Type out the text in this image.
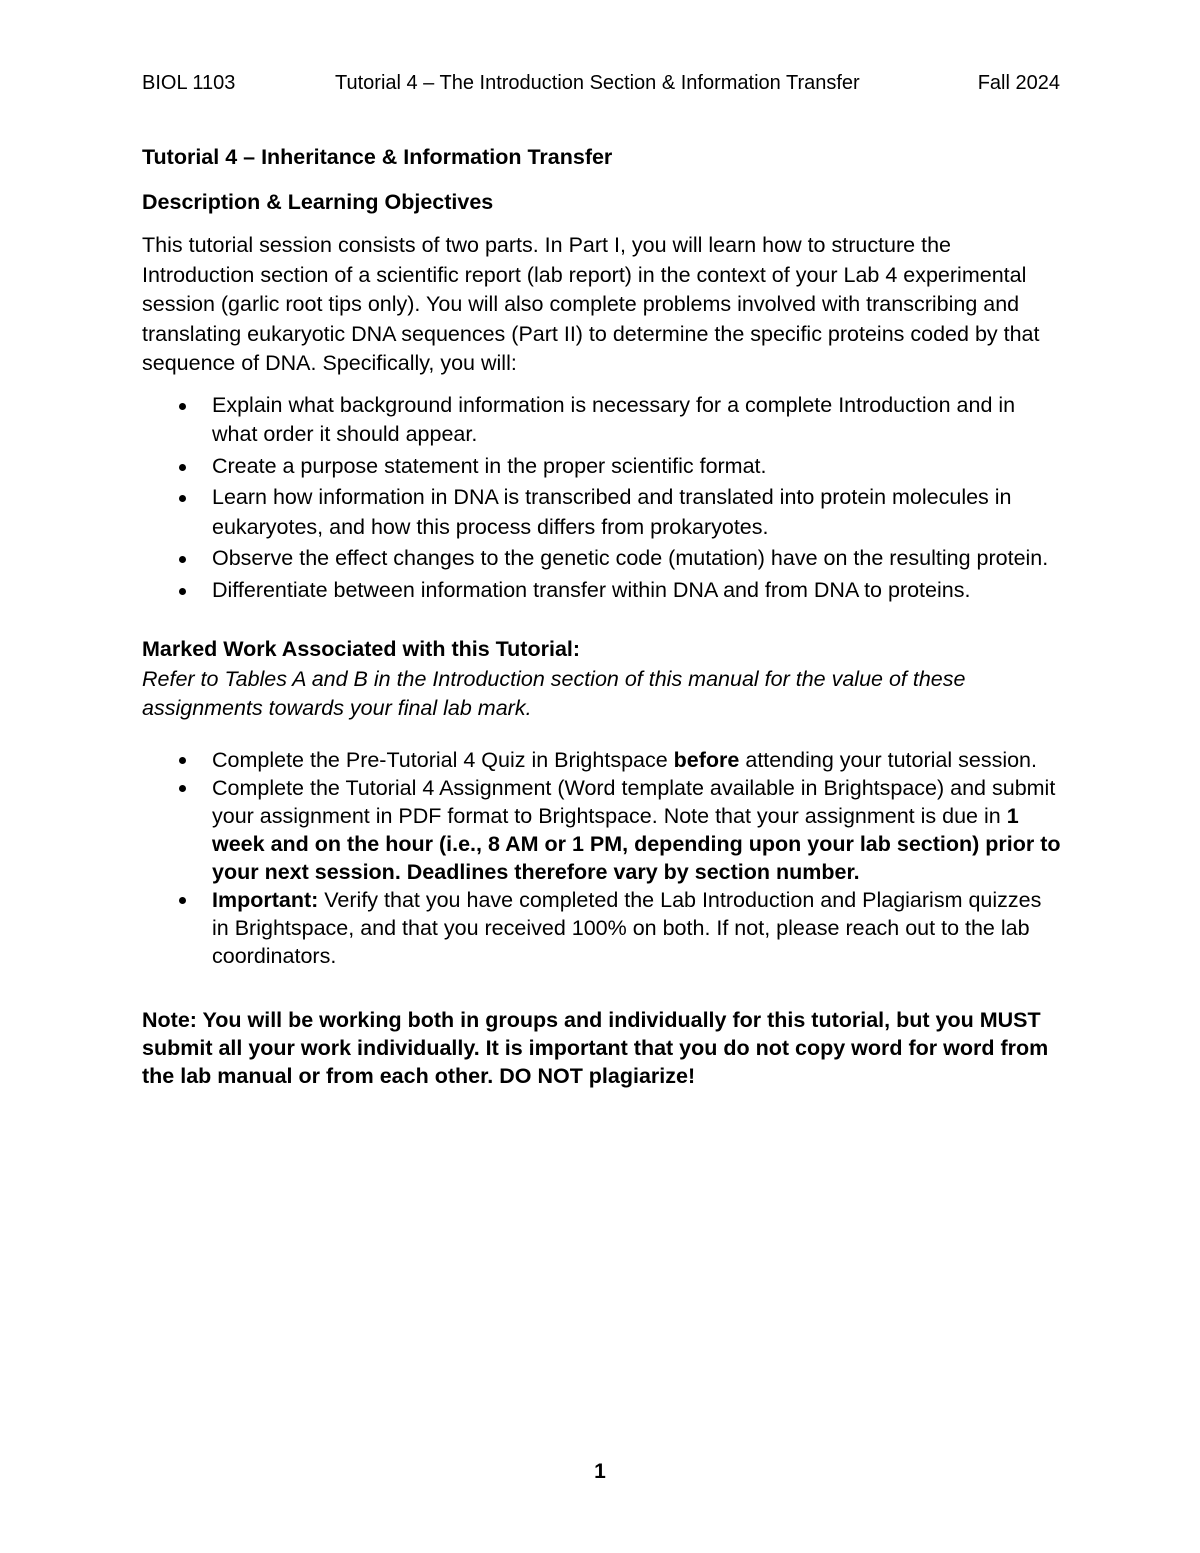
BIOL 1103	Tutorial 4 – The Introduction Section & Information Transfer	Fall 2024
Tutorial 4 – Inheritance & Information Transfer
Description & Learning Objectives

This tutorial session consists of two parts. In Part I, you will learn how to structure the Introduction section of a scientific report (lab report) in the context of your Lab 4 experimental session (garlic root tips only). You will also complete problems involved with transcribing and translating eukaryotic DNA sequences (Part II) to determine the specific proteins coded by that sequence of DNA. Specifically, you will:

Explain what background information is necessary for a complete Introduction and in what order it should appear.
Create a purpose statement in the proper scientific format.
Learn how information in DNA is transcribed and translated into protein molecules in eukaryotes, and how this process differs from prokaryotes.
Observe the effect changes to the genetic code (mutation) have on the resulting protein.
Differentiate between information transfer within DNA and from DNA to proteins.
Marked Work Associated with this Tutorial:
Refer to Tables A and B in the Introduction section of this manual for the value of these assignments towards your final lab mark.
Complete the Pre-Tutorial 4 Quiz in Brightspace before attending your tutorial session.
Complete the Tutorial 4 Assignment (Word template available in Brightspace) and submit your assignment in PDF format to Brightspace. Note that your assignment is due in 1 week and on the hour (i.e., 8 AM or 1 PM, depending upon your lab section) prior to your next session. Deadlines therefore vary by section number.
Important: Verify that you have completed the Lab Introduction and Plagiarism quizzes in Brightspace, and that you received 100% on both. If not, please reach out to the lab coordinators.

Note: You will be working both in groups and individually for this tutorial, but you MUST submit all your work individually. It is important that you do not copy word for word from the lab manual or from each other. DO NOT plagiarize!

1
